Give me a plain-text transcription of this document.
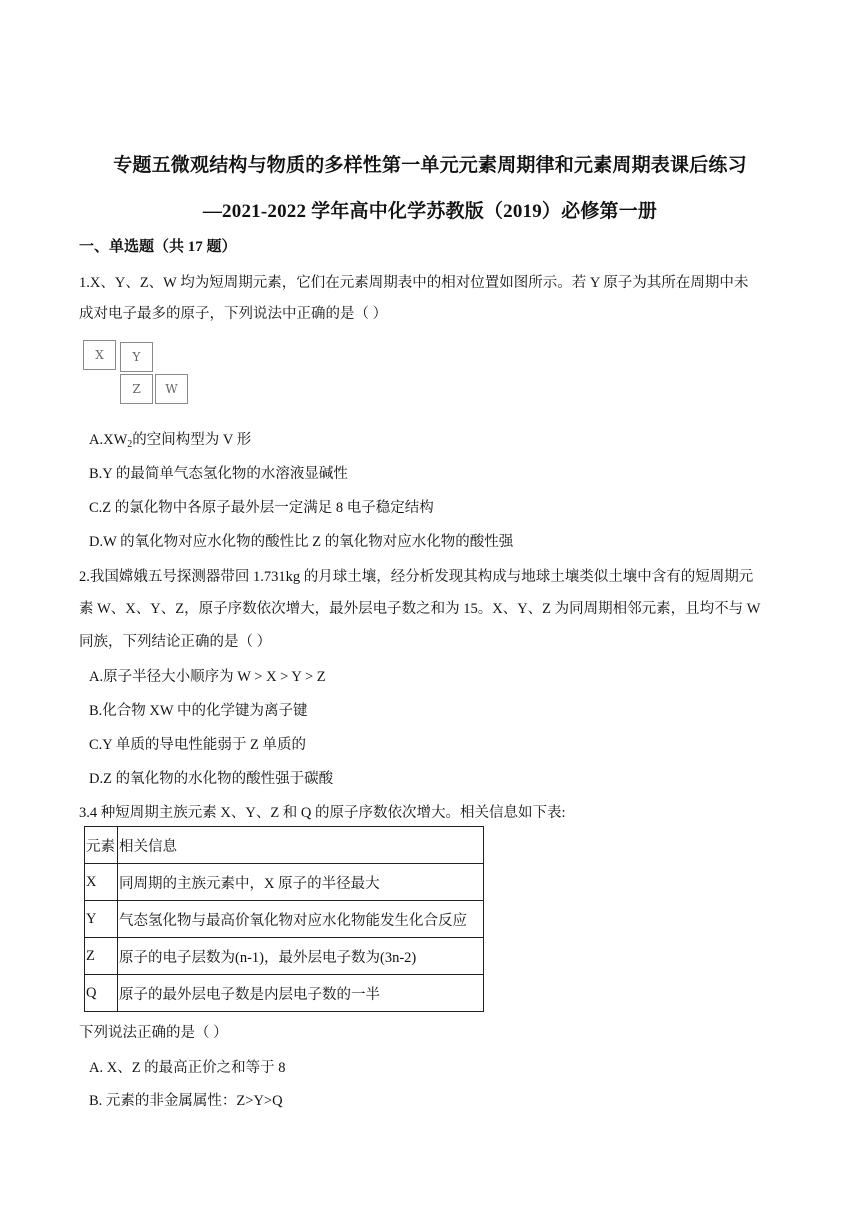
专题五微观结构与物质的多样性第一单元元素周期律和元素周期表课后练习
—2021-2022 学年高中化学苏教版（2019）必修第一册
一、单选题（共 17 题）
1.X、Y、Z、W 均为短周期元素，它们在元素周期表中的相对位置如图所示。若 Y 原子为其所在周期中未
成对电子最多的原子，下列说法中正确的是（ ）
X	Y
Z	W
$A.XW_2$的空间构型为 V 形
B.Y 的最简单气态氢化物的水溶液显碱性
C.Z 的氯化物中各原子最外层一定满足 8 电子稳定结构
D.W 的氧化物对应水化物的酸性比 Z 的氧化物对应水化物的酸性强
2.我国嫦娥五号探测器带回 1.731kg 的月球土壤，经分析发现其构成与地球土壤类似土壤中含有的短周期元
素 W、X、Y、Z，原子序数依次增大，最外层电子数之和为 15。X、Y、Z 为同周期相邻元素，且均不与 W
同族，下列结论正确的是（ ）
A.原子半径大小顺序为 W > X > Y > Z
B.化合物 XW 中的化学键为离子键
C.Y 单质的导电性能弱于 Z 单质的
D.Z 的氧化物的水化物的酸性强于碳酸
3.4 种短周期主族元素 X、Y、Z 和 Q 的原子序数依次增大。相关信息如下表:
元素	相关信息
X	同周期的主族元素中，X 原子的半径最大
Y	气态氢化物与最高价氧化物对应水化物能发生化合反应
Z	原子的电子层数为(n-1)，最外层电子数为(3n-2)
Q	原子的最外层电子数是内层电子数的一半
下列说法正确的是（ ）
A. X、Z 的最高正价之和等于 8
B. 元素的非金属属性：Z>Y>Q
